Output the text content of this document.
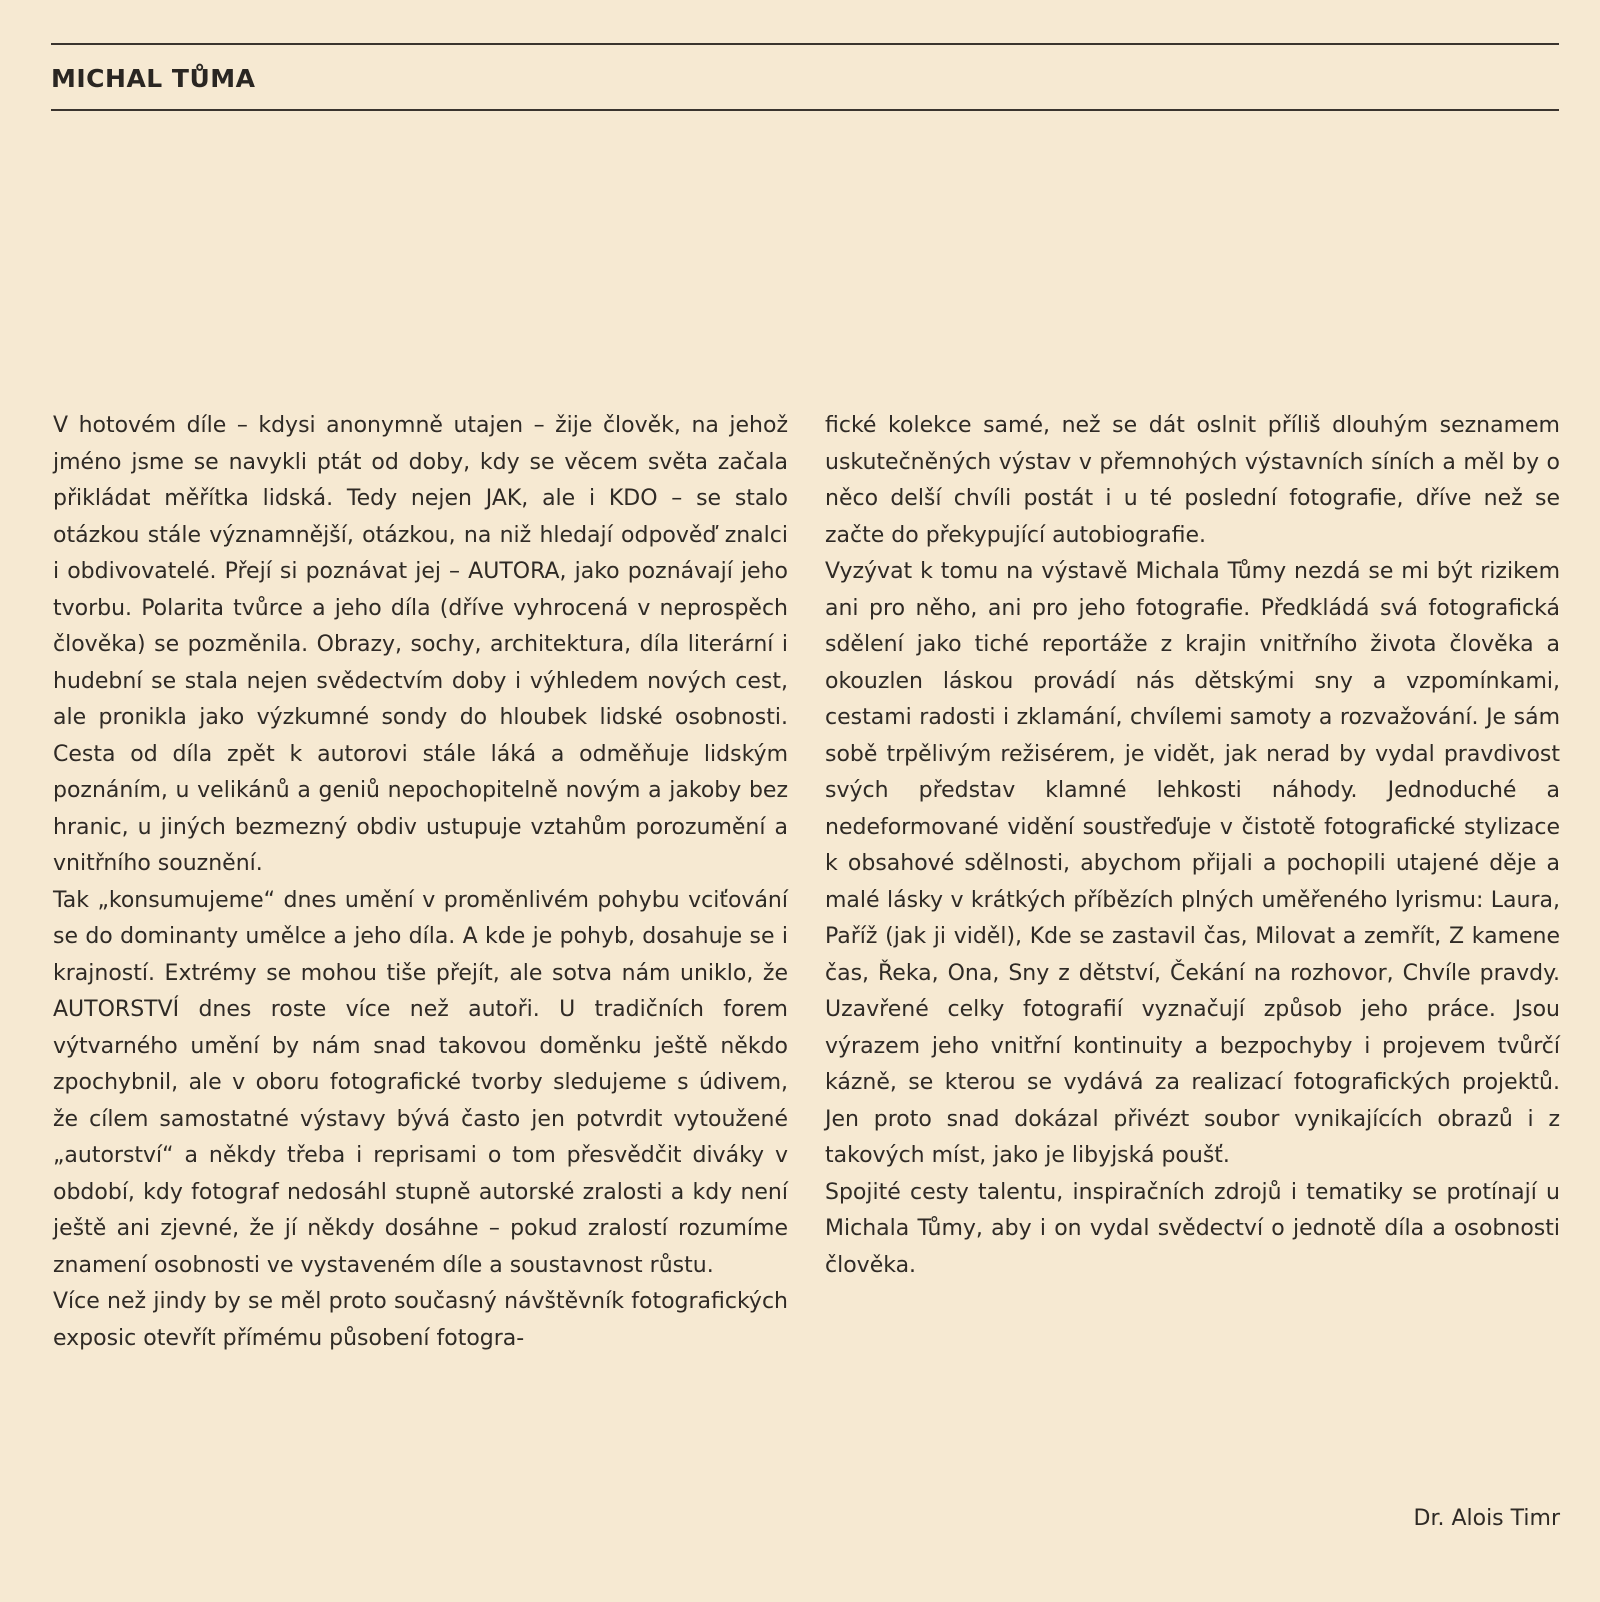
MICHAL TŮMA

V hotovém díle – kdysi anonymně utajen – žije člověk, na jehož jméno jsme se navykli ptát od doby, kdy se věcem světa začala přikládat měřítka lidská. Tedy nejen JAK, ale i KDO – se stalo otázkou stále významnější, otázkou, na niž hledají odpověď znalci i obdivovatelé. Přejí si poznávat jej – AUTORA, jako poznávají jeho tvorbu. Polarita tvůrce a jeho díla (dříve vyhrocená v neprospěch člověka) se pozměnila. Obrazy, sochy, architektura, díla literární i hudební se stala nejen svědectvím doby i výhledem nových cest, ale pronikla jako výzkumné sondy do hloubek lidské osobnosti. Cesta od díla zpět k autorovi stále láká a odměňuje lidským poznáním, u velikánů a geniů nepochopitelně novým a jakoby bez hranic, u jiných bezmezný obdiv ustupuje vztahům porozumění a vnitřního souznění.

Tak „konsumujeme“ dnes umění v proměnlivém pohybu vciťování se do dominanty umělce a jeho díla. A kde je pohyb, dosahuje se i krajností. Extrémy se mohou tiše přejít, ale sotva nám uniklo, že AUTORSTVÍ dnes roste více než autoři. U tradičních forem výtvarného umění by nám snad takovou doměnku ještě někdo zpochybnil, ale v oboru fotografické tvorby sledujeme s údivem, že cílem samostatné výstavy bývá často jen potvrdit vytoužené „autorství“ a někdy třeba i reprisami o tom přesvědčit diváky v období, kdy fotograf nedosáhl stupně autorské zralosti a kdy není ještě ani zjevné, že jí někdy dosáhne – pokud zralostí rozumíme znamení osobnosti ve vystaveném díle a soustavnost růstu.

Více než jindy by se měl proto současný návštěvník fotografických exposic otevřít přímému působení fotogra-

fické kolekce samé, než se dát oslnit příliš dlouhým seznamem uskutečněných výstav v přemnohých výstavních síních a měl by o něco delší chvíli postát i u té poslední fotografie, dříve než se začte do překypující autobiografie.

Vyzývat k tomu na výstavě Michala Tůmy nezdá se mi být rizikem ani pro něho, ani pro jeho fotografie. Předkládá svá fotografická sdělení jako tiché reportáže z krajin vnitřního života člověka a okouzlen láskou provádí nás dětskými sny a vzpomínkami, cestami radosti i zklamání, chvílemi samoty a rozvažování. Je sám sobě trpělivým režisérem, je vidět, jak nerad by vydal pravdivost svých představ klamné lehkosti náhody. Jednoduché a nedeformované vidění soustřeďuje v čistotě fotografické stylizace k obsahové sdělnosti, abychom přijali a pochopili utajené děje a malé lásky v krátkých příbězích plných uměřeného lyrismu: Laura, Paříž (jak ji viděl), Kde se zastavil čas, Milovat a zemřít, Z kamene čas, Řeka, Ona, Sny z dětství, Čekání na rozhovor, Chvíle pravdy. Uzavřené celky fotografií vyznačují způsob jeho práce. Jsou výrazem jeho vnitřní kontinuity a bezpochyby i projevem tvůrčí kázně, se kterou se vydává za realizací fotografických projektů. Jen proto snad dokázal přivézt soubor vynikajících obrazů i z takových míst, jako je libyjská poušť.

Spojité cesty talentu, inspiračních zdrojů i tematiky se protínají u Michala Tůmy, aby i on vydal svědectví o jednotě díla a osobnosti člověka.

Dr. Alois Timr
